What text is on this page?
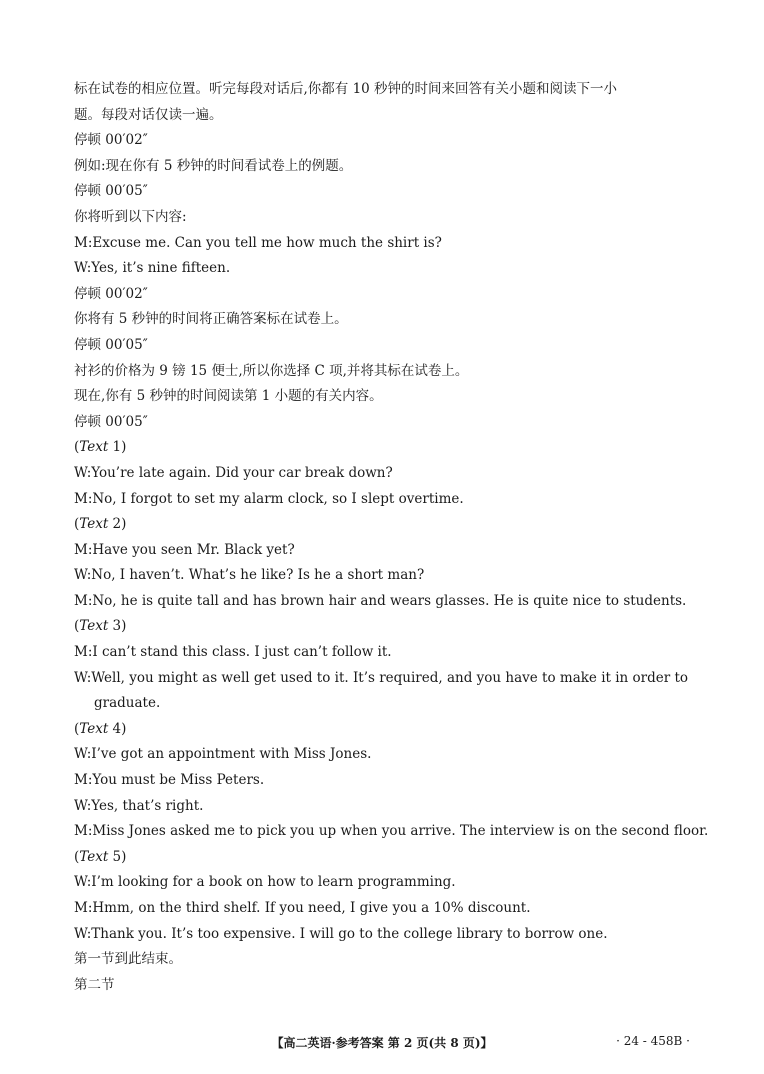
标在试卷的相应位置。听完每段对话后,你都有 10 秒钟的时间来回答有关小题和阅读下一小
题。每段对话仅读一遍。
停顿 00′02″
例如:现在你有 5 秒钟的时间看试卷上的例题。
停顿 00′05″
你将听到以下内容:
M:Excuse me. Can you tell me how much the shirt is?
W:Yes, it’s nine fifteen.
停顿 00′02″
你将有 5 秒钟的时间将正确答案标在试卷上。
停顿 00′05″
衬衫的价格为 9 镑 15 便士,所以你选择 C 项,并将其标在试卷上。
现在,你有 5 秒钟的时间阅读第 1 小题的有关内容。
停顿 00′05″
(Text 1)
W:You’re late again. Did your car break down?
M:No, I forgot to set my alarm clock, so I slept overtime.
(Text 2)
M:Have you seen Mr. Black yet?
W:No, I haven’t. What’s he like? Is he a short man?
M:No, he is quite tall and has brown hair and wears glasses. He is quite nice to students.
(Text 3)
M:I can’t stand this class. I just can’t follow it.
W:Well, you might as well get used to it. It’s required, and you have to make it in order to
graduate.
(Text 4)
W:I’ve got an appointment with Miss Jones.
M:You must be Miss Peters.
W:Yes, that’s right.
M:Miss Jones asked me to pick you up when you arrive. The interview is on the second floor.
(Text 5)
W:I’m looking for a book on how to learn programming.
M:Hmm, on the third shelf. If you need, I give you a 10% discount.
W:Thank you. It’s too expensive. I will go to the college library to borrow one.
第一节到此结束。
第二节
【高二英语·参考答案 第 2 页(共 8 页)】	· 24 - 458B ·
